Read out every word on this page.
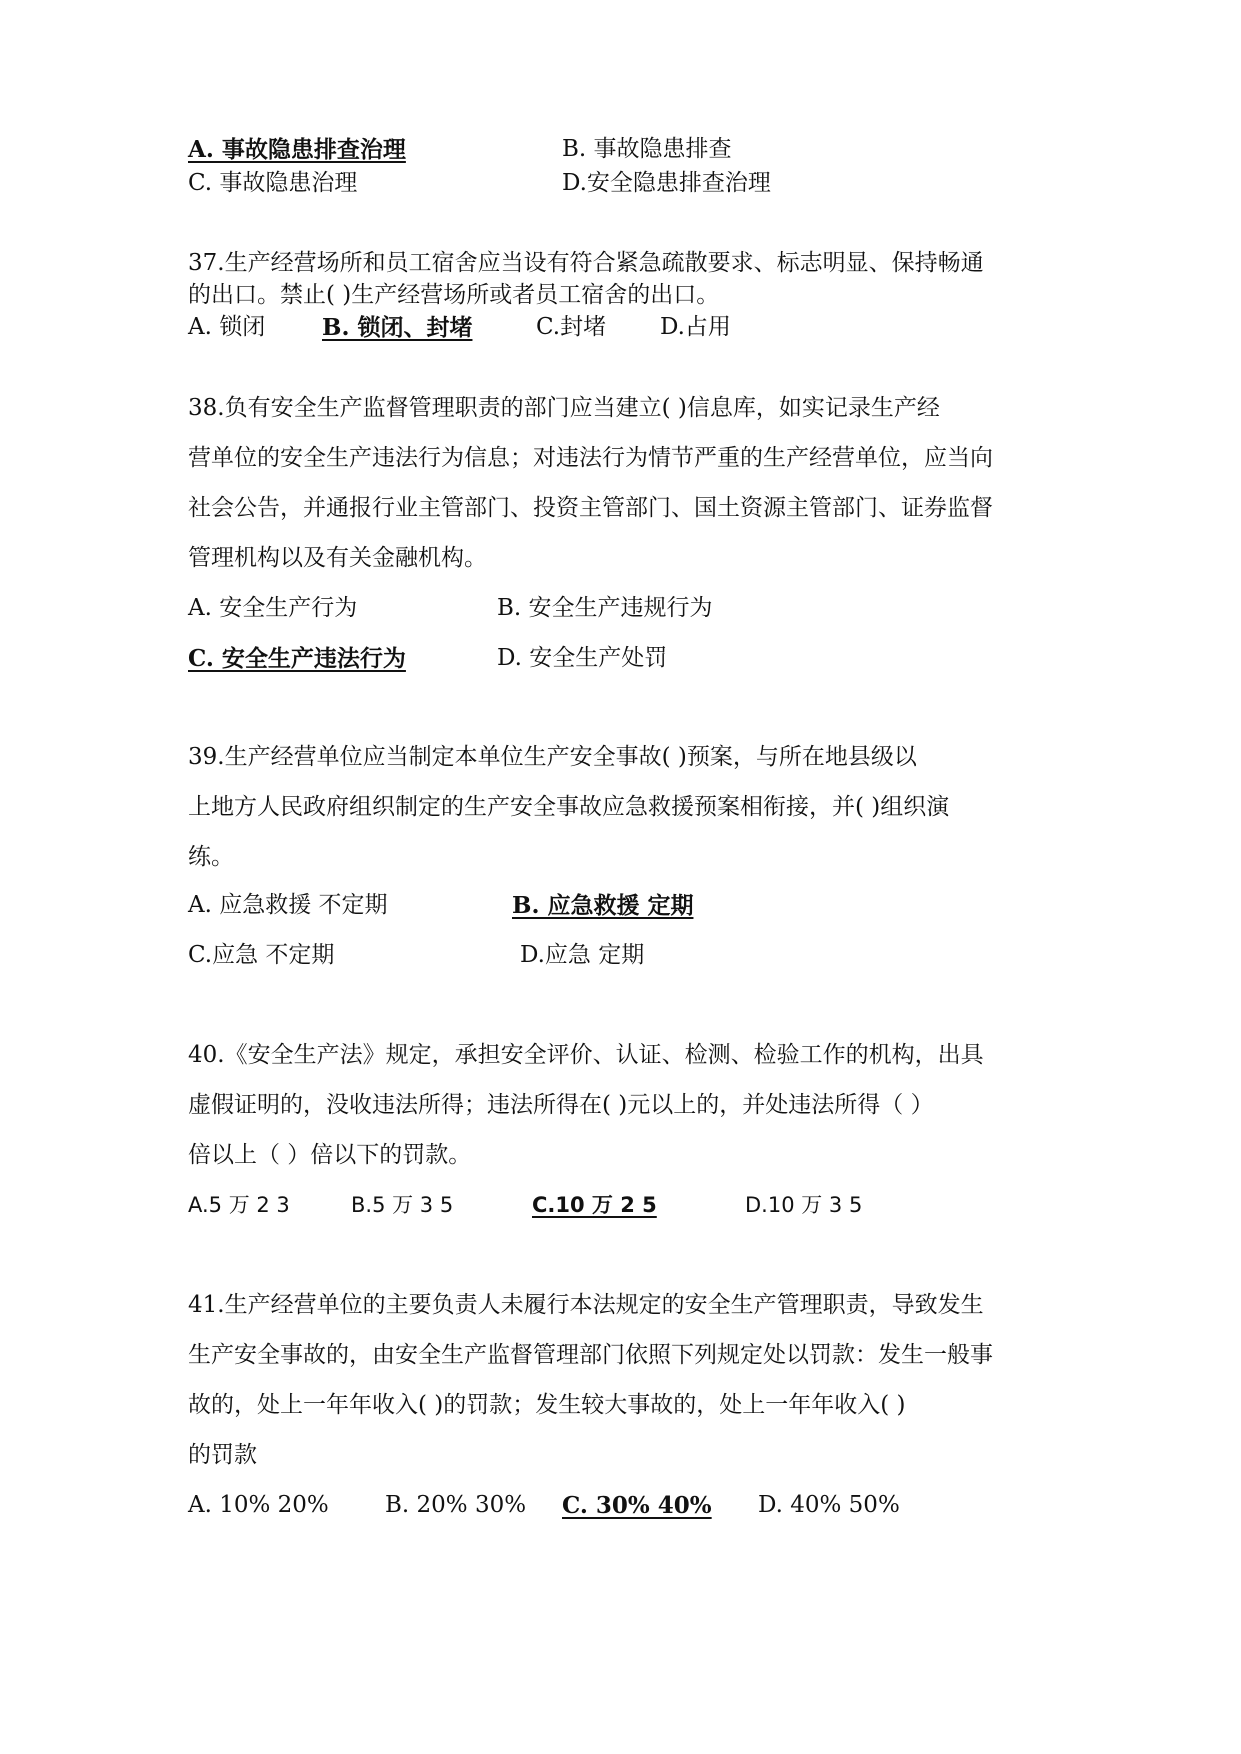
A. 事故隐患排查治理	B. 事故隐患排查
C. 事故隐患治理	D.安全隐患排查治理
37.生产经营场所和员工宿舍应当设有符合紧急疏散要求、标志明显、保持畅通
的出口。禁止( )生产经营场所或者员工宿舍的出口。
A. 锁闭 B. 锁闭、封堵	C.封堵 D.占用
38.负有安全生产监督管理职责的部门应当建立( )信息库，如实记录生产经
营单位的安全生产违法行为信息；对违法行为情节严重的生产经营单位，应当向
社会公告，并通报行业主管部门、投资主管部门、国土资源主管部门、证券监督
管理机构以及有关金融机构。
A. 安全生产行为	B. 安全生产违规行为
C. 安全生产违法行为	D. 安全生产处罚
39.生产经营单位应当制定本单位生产安全事故( )预案，与所在地县级以
上地方人民政府组织制定的生产安全事故应急救援预案相衔接，并( )组织演
练。
A. 应急救援 不定期	B. 应急救援 定期
C.应急 不定期	D.应急 定期
40.《安全生产法》规定，承担安全评价、认证、检测、检验工作的机构，出具
虚假证明的，没收违法所得；违法所得在( )元以上的，并处违法所得（ ）
倍以上（ ）倍以下的罚款。
A.5 万 2 3	B.5 万 3 5	C.10 万 2 5	D.10 万 3 5
41.生产经营单位的主要负责人未履行本法规定的安全生产管理职责，导致发生
生产安全事故的，由安全生产监督管理部门依照下列规定处以罚款：发生一般事
故的，处上一年年收入( )的罚款；发生较大事故的，处上一年年收入( )
的罚款
A. 10% 20% B. 20% 30% C. 30% 40% D. 40% 50%
